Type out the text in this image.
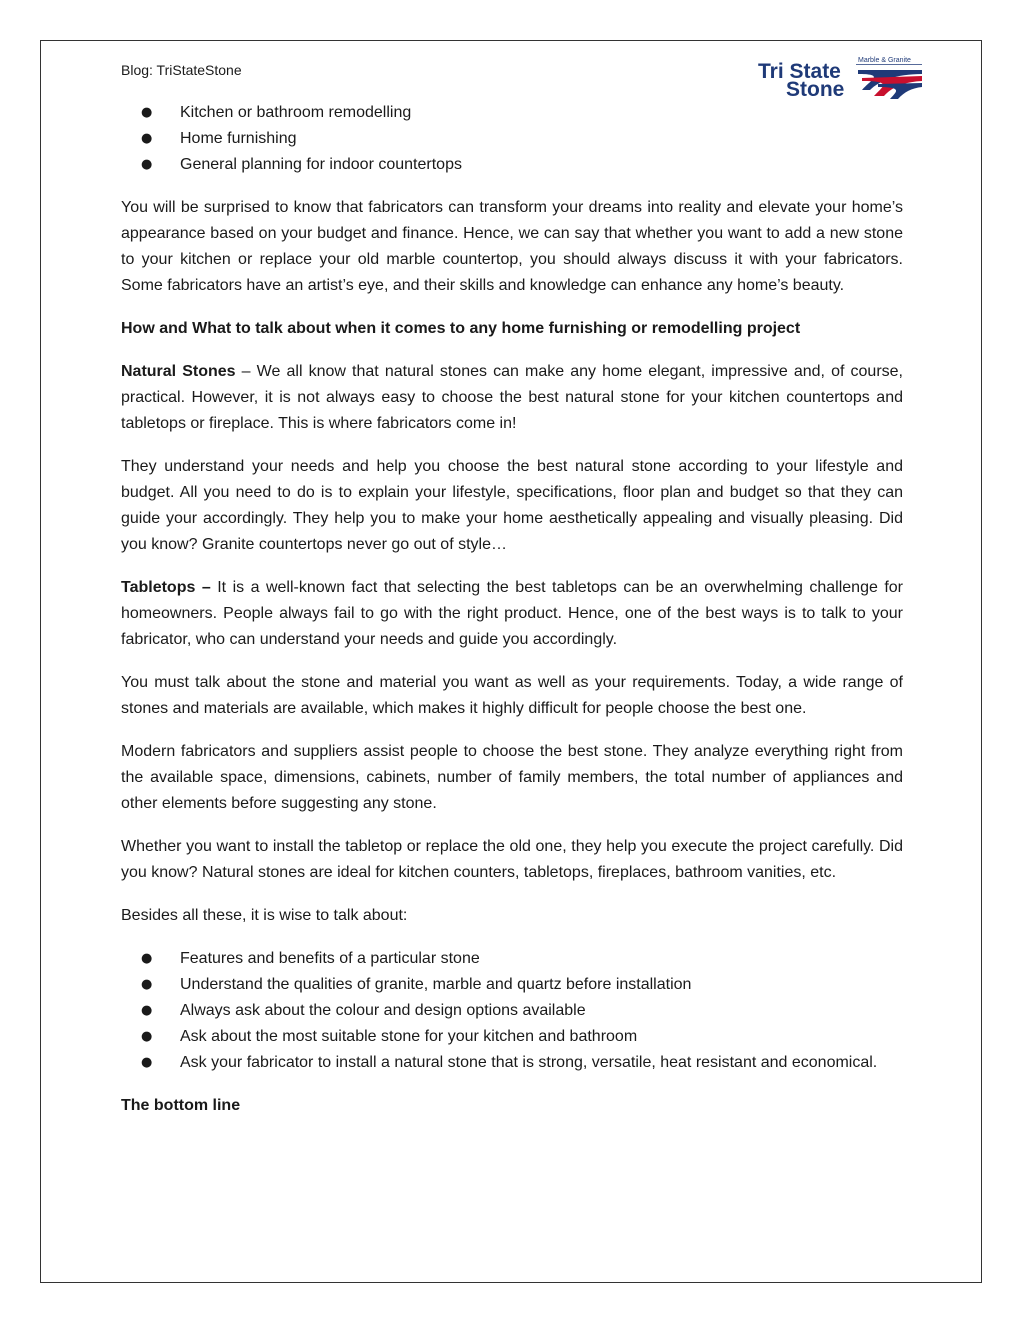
Blog: TriStateStone
Marble & Granite
Tri State
Stone
● Kitchen or bathroom remodelling
● Home furnishing
● General planning for indoor countertops

You will be surprised to know that fabricators can transform your dreams into reality and elevate your home’s appearance based on your budget and finance. Hence, we can say that whether you want to add a new stone to your kitchen or replace your old marble countertop, you should always discuss it with your fabricators. Some fabricators have an artist’s eye, and their skills and knowledge can enhance any home’s beauty.

How and What to talk about when it comes to any home furnishing or remodelling project

Natural Stones – We all know that natural stones can make any home elegant, impressive and, of course, practical. However, it is not always easy to choose the best natural stone for your kitchen countertops and tabletops or fireplace. This is where fabricators come in!

They understand your needs and help you choose the best natural stone according to your lifestyle and budget. All you need to do is to explain your lifestyle, specifications, floor plan and budget so that they can guide your accordingly. They help you to make your home aesthetically appealing and visually pleasing. Did you know? Granite countertops never go out of style…

Tabletops – It is a well-known fact that selecting the best tabletops can be an overwhelming challenge for homeowners. People always fail to go with the right product. Hence, one of the best ways is to talk to your fabricator, who can understand your needs and guide you accordingly.

You must talk about the stone and material you want as well as your requirements. Today, a wide range of stones and materials are available, which makes it highly difficult for people choose the best one.

Modern fabricators and suppliers assist people to choose the best stone. They analyze everything right from the available space, dimensions, cabinets, number of family members, the total number of appliances and other elements before suggesting any stone.

Whether you want to install the tabletop or replace the old one, they help you execute the project carefully. Did you know? Natural stones are ideal for kitchen counters, tabletops, fireplaces, bathroom vanities, etc.

Besides all these, it is wise to talk about:

● Features and benefits of a particular stone
● Understand the qualities of granite, marble and quartz before installation
● Always ask about the colour and design options available
● Ask about the most suitable stone for your kitchen and bathroom
● Ask your fabricator to install a natural stone that is strong, versatile, heat resistant and economical.

The bottom line
